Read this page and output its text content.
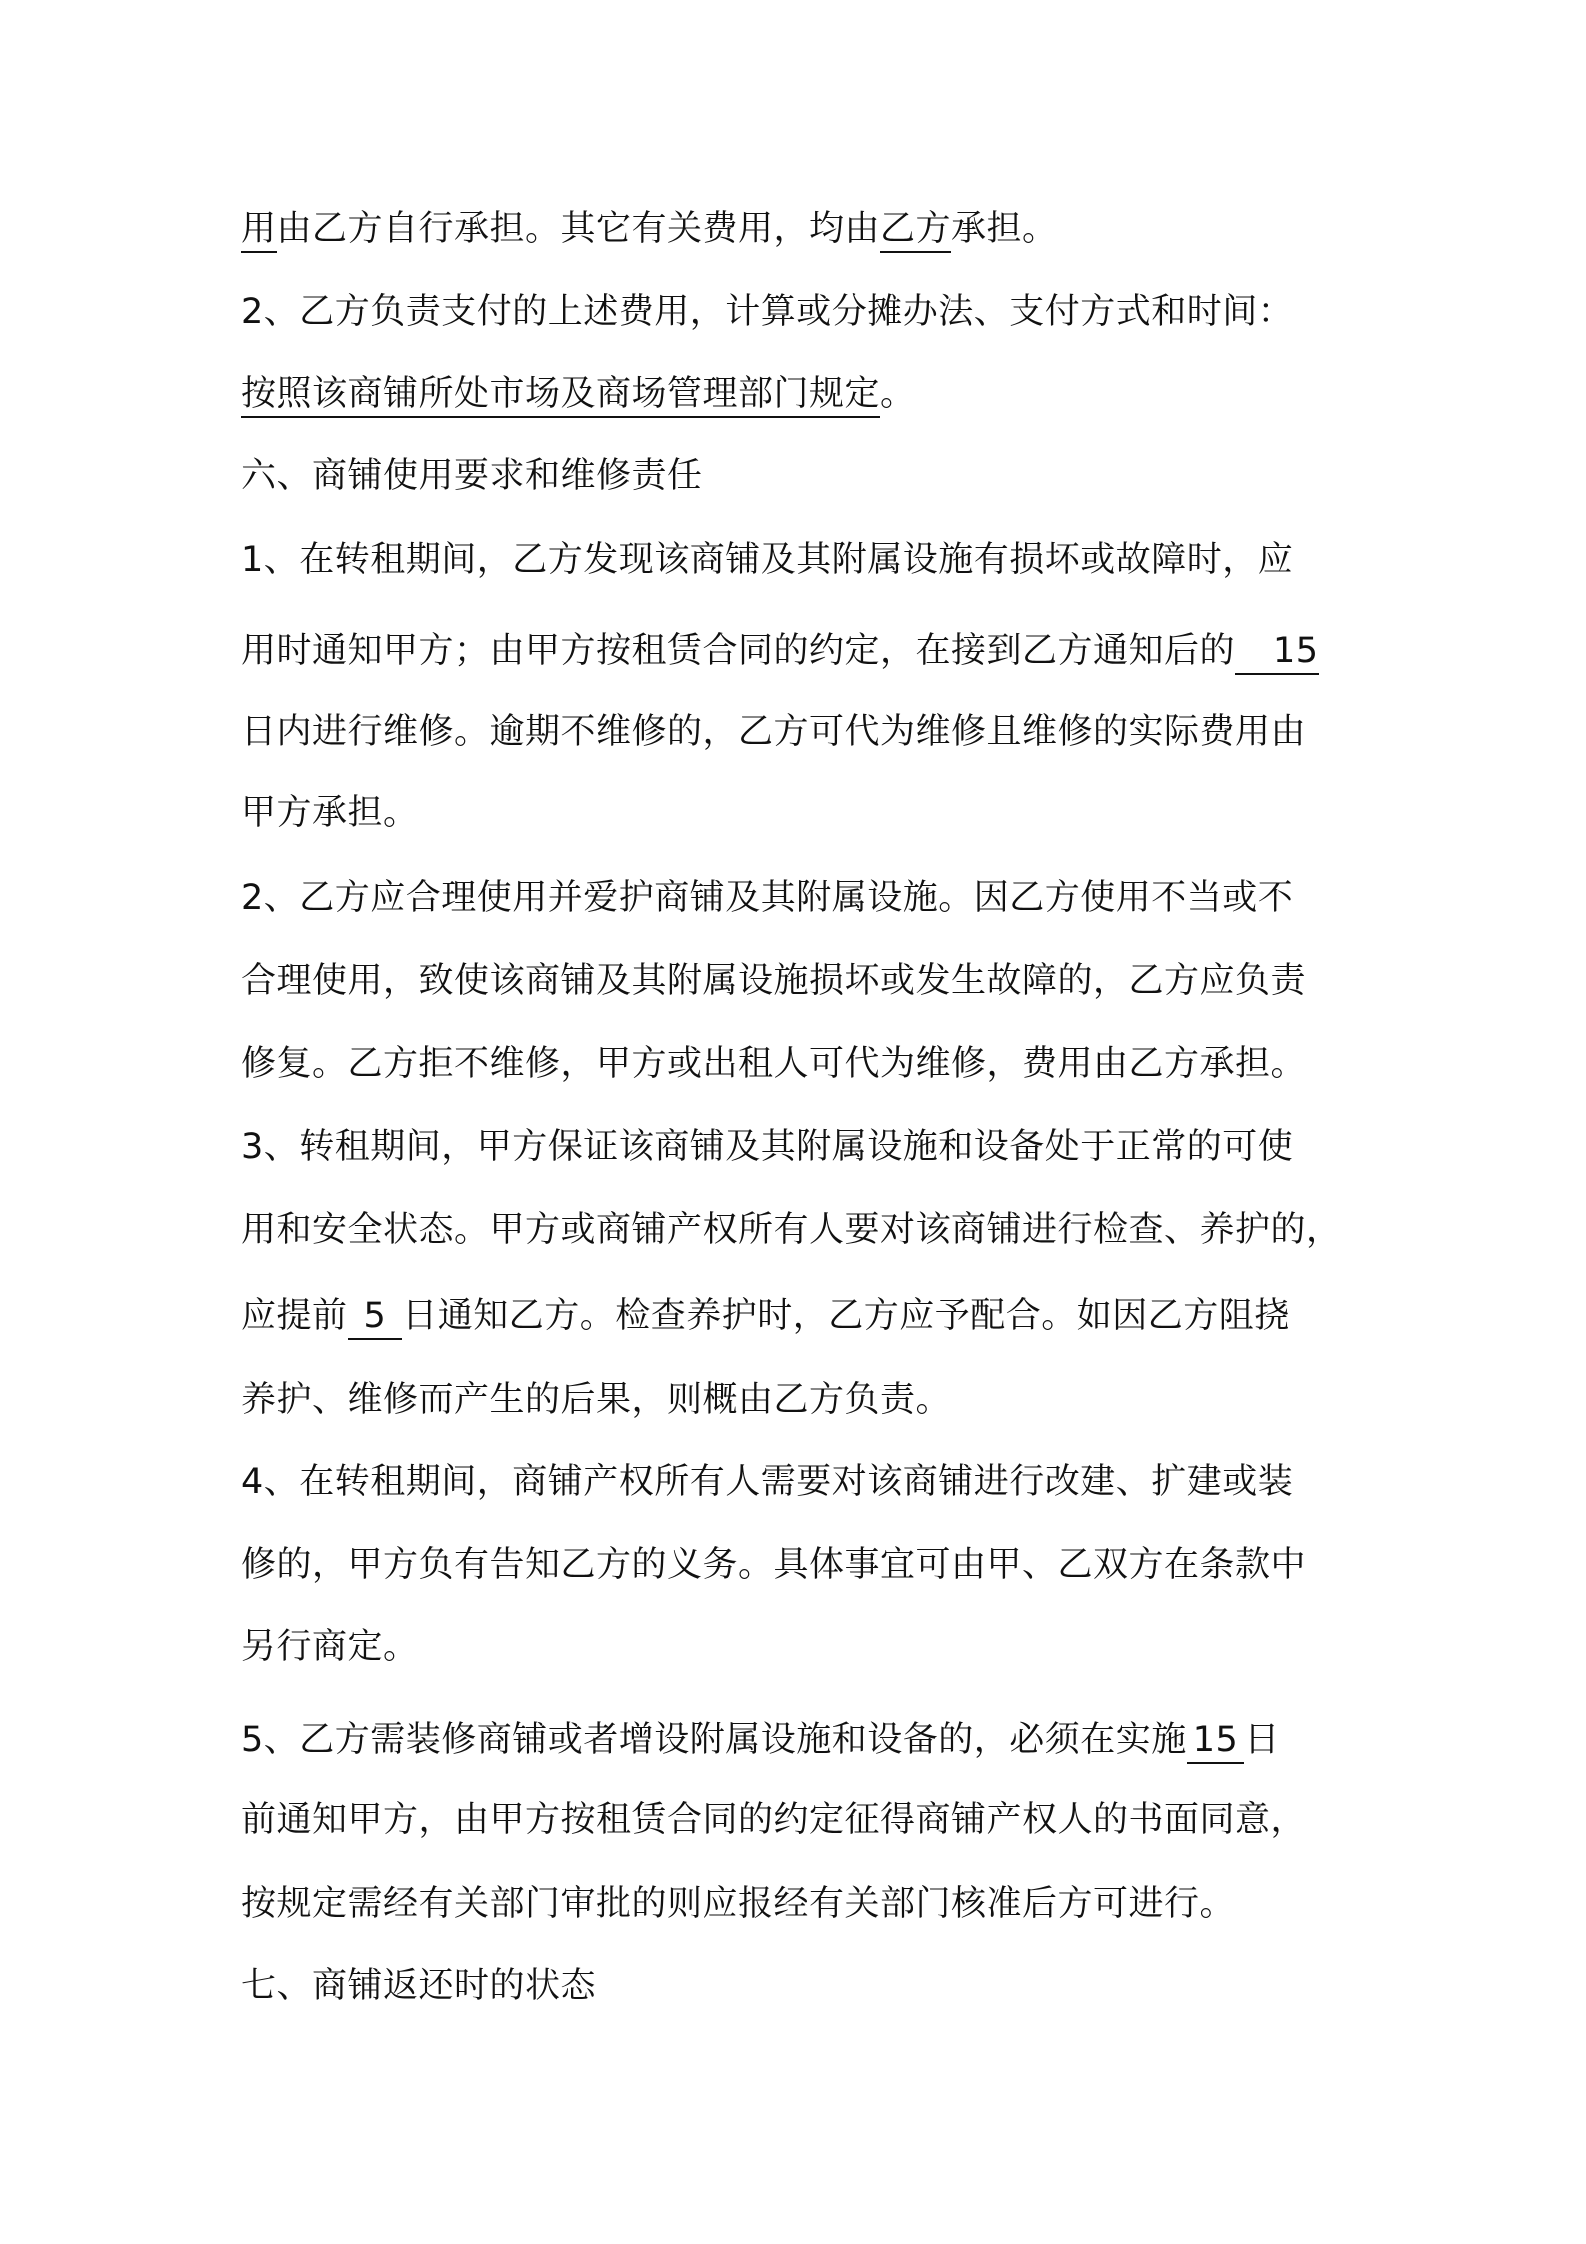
用由乙方自行承担。其它有关费用，均由乙方承担。
2、乙方负责支付的上述费用，计算或分摊办法、支付方式和时间：
按照该商铺所处市场及商场管理部门规定。
六、商铺使用要求和维修责任
1、在转租期间，乙方发现该商铺及其附属设施有损坏或故障时，应
用时通知甲方；由甲方按租赁合同的约定，在接到乙方通知后的 15
日内进行维修。逾期不维修的，乙方可代为维修且维修的实际费用由
甲方承担。
2、乙方应合理使用并爱护商铺及其附属设施。因乙方使用不当或不
合理使用，致使该商铺及其附属设施损坏或发生故障的，乙方应负责
修复。乙方拒不维修，甲方或出租人可代为维修，费用由乙方承担。
3、转租期间，甲方保证该商铺及其附属设施和设备处于正常的可使
用和安全状态。甲方或商铺产权所有人要对该商铺进行检查、养护的，
应提前 5 日通知乙方。检查养护时，乙方应予配合。如因乙方阻挠
养护、维修而产生的后果，则概由乙方负责。
4、在转租期间，商铺产权所有人需要对该商铺进行改建、扩建或装
修的，甲方负有告知乙方的义务。具体事宜可由甲、乙双方在条款中
另行商定。
5、乙方需装修商铺或者增设附属设施和设备的，必须在实施 15 日
前通知甲方，由甲方按租赁合同的约定征得商铺产权人的书面同意，
按规定需经有关部门审批的则应报经有关部门核准后方可进行。
七、商铺返还时的状态
